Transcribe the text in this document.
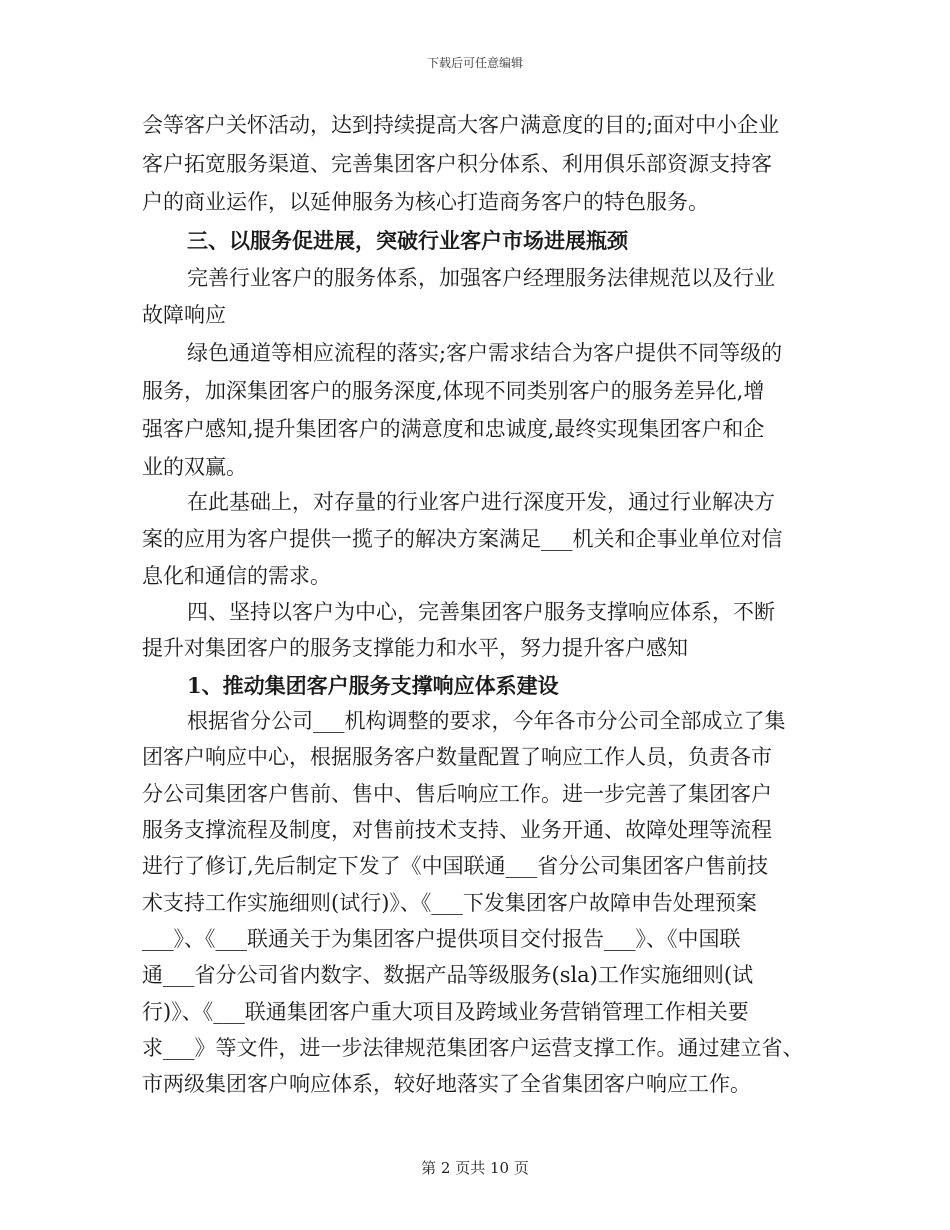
下载后可任意编辑
会等客户关怀活动，达到持续提高大客户满意度的目的;面对中小企业
客户拓宽服务渠道、完善集团客户积分体系、利用俱乐部资源支持客
户的商业运作，以延伸服务为核心打造商务客户的特色服务。
三、以服务促进展，突破行业客户市场进展瓶颈
完善行业客户的服务体系，加强客户经理服务法律规范以及行业
故障响应
绿色通道等相应流程的落实;客户需求结合为客户提供不同等级的
服务，加深集团客户的服务深度,体现不同类别客户的服务差异化,增
强客户感知,提升集团客户的满意度和忠诚度,最终实现集团客户和企
业的双赢。
在此基础上，对存量的行业客户进行深度开发，通过行业解决方
案的应用为客户提供一揽子的解决方案满足___机关和企事业单位对信
息化和通信的需求。
四、坚持以客户为中心，完善集团客户服务支撑响应体系，不断
提升对集团客户的服务支撑能力和水平，努力提升客户感知
1、推动集团客户服务支撑响应体系建设
根据省分公司___机构调整的要求，今年各市分公司全部成立了集
团客户响应中心，根据服务客户数量配置了响应工作人员，负责各市
分公司集团客户售前、售中、售后响应工作。进一步完善了集团客户
服务支撑流程及制度，对售前技术支持、业务开通、故障处理等流程
进行了修订,先后制定下发了《中国联通___省分公司集团客户售前技
术支持工作实施细则(试行)》、《___下发集团客户故障申告处理预案
___》、《___联通关于为集团客户提供项目交付报告___》、《中国联
通___省分公司省内数字、数据产品等级服务(sla)工作实施细则(试
行)》、《___联通集团客户重大项目及跨域业务营销管理工作相关要
求___》等文件，进一步法律规范集团客户运营支撑工作。通过建立省、
市两级集团客户响应体系，较好地落实了全省集团客户响应工作。
第 2 页共 10 页
